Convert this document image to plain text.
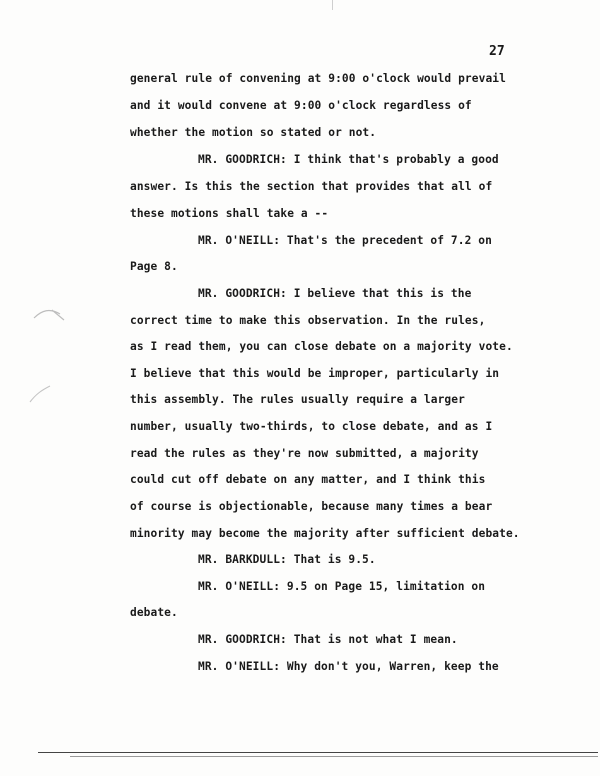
27
general rule of convening at 9:00 o'clock would prevail
and it would convene at 9:00 o'clock regardless of
whether the motion so stated or not.
MR. GOODRICH: I think that's probably a good
answer. Is this the section that provides that all of
these motions shall take a --
MR. O'NEILL: That's the precedent of 7.2 on
Page 8.
MR. GOODRICH: I believe that this is the
correct time to make this observation. In the rules,
as I read them, you can close debate on a majority vote.
I believe that this would be improper, particularly in
this assembly. The rules usually require a larger
number, usually two-thirds, to close debate, and as I
read the rules as they're now submitted, a majority
could cut off debate on any matter, and I think this
of course is objectionable, because many times a bear
minority may become the majority after sufficient debate.
MR. BARKDULL: That is 9.5.
MR. O'NEILL: 9.5 on Page 15, limitation on
debate.
MR. GOODRICH: That is not what I mean.
MR. O'NEILL: Why don't you, Warren, keep the
